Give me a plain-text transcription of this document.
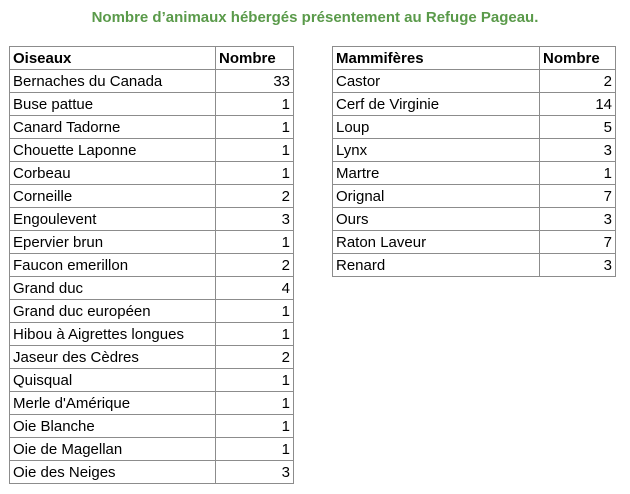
Nombre d’animaux hébergés présentement au Refuge Pageau.
Oiseaux	Nombre
Bernaches du Canada	33
Buse pattue	1
Canard Tadorne	1
Chouette Laponne	1
Corbeau	1
Corneille	2
Engoulevent	3
Epervier brun	1
Faucon emerillon	2
Grand duc	4
Grand duc européen	1
Hibou à Aigrettes longues	1
Jaseur des Cèdres	2
Quisqual	1
Merle d'Amérique	1
Oie Blanche	1
Oie de Magellan	1
Oie des Neiges	3
Mammifères	Nombre
Castor	2
Cerf de Virginie	14
Loup	5
Lynx	3
Martre	1
Orignal	7
Ours	3
Raton Laveur	7
Renard	3
